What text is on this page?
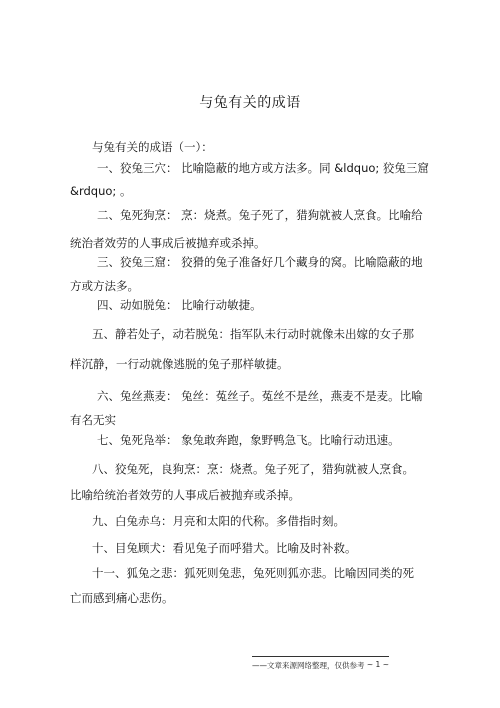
与兔有关的成语
与兔有关的成语（一）：
一、狡兔三穴： 比喻隐蔽的地方或方法多。同 &ldquo; 狡兔三窟
&rdquo; 。
二、兔死狗烹： 烹：烧煮。兔子死了，猎狗就被人烹食。比喻给
统治者效劳的人事成后被抛弃或杀掉。
三、狡兔三窟： 狡猾的兔子准备好几个藏身的窝。比喻隐蔽的地
方或方法多。
四、动如脱兔： 比喻行动敏捷。
五、静若处子，动若脱兔：指军队未行动时就像未出嫁的女子那
样沉静，一行动就像逃脱的兔子那样敏捷。
六、兔丝燕麦： 兔丝：菟丝子。菟丝不是丝，燕麦不是麦。比喻
有名无实
七、兔死凫举： 象兔敢奔跑，象野鸭急飞。比喻行动迅速。
八、狡兔死，良狗烹：烹：烧煮。兔子死了，猎狗就被人烹食。
比喻给统治者效劳的人事成后被抛弃或杀掉。
九、白兔赤乌：月亮和太阳的代称。多借指时刻。
十、目兔顾犬：看见兔子而呼猎犬。比喻及时补救。
十一、狐兔之悲：狐死则兔悲，兔死则狐亦悲。比喻因同类的死
亡而感到痛心悲伤。
——文章来源网络整理，仅供参考 ~ 1 ~
